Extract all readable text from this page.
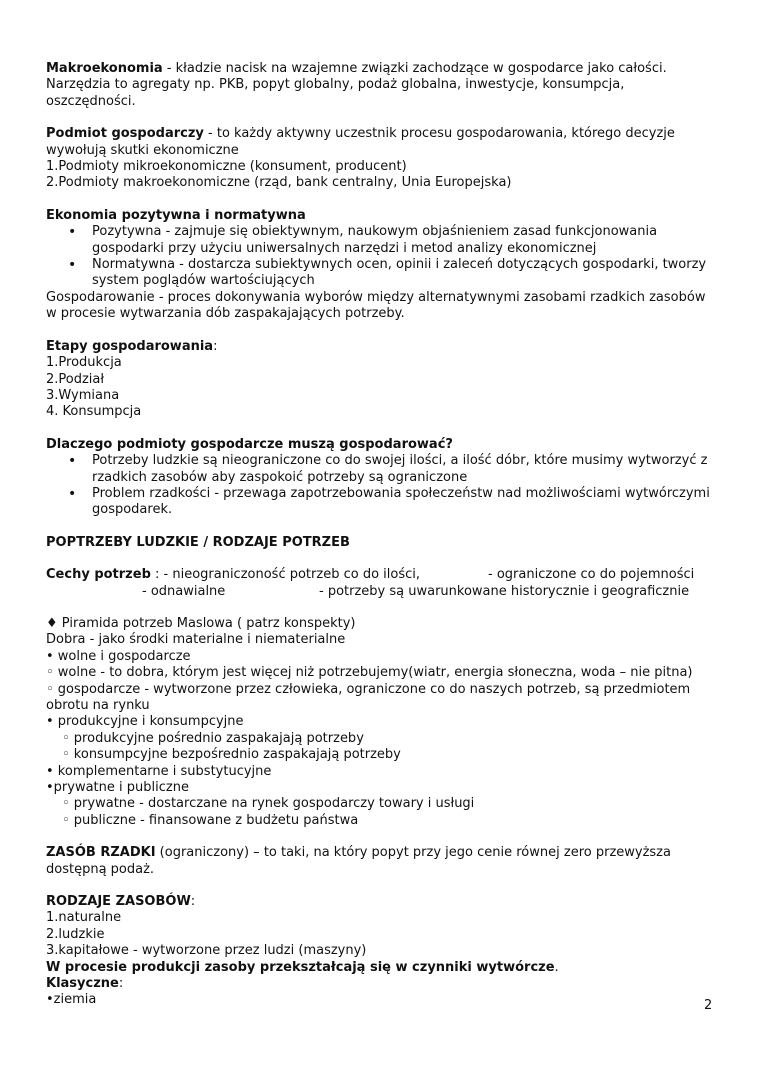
Makroekonomia - kładzie nacisk na wzajemne związki zachodzące w gospodarce jako całości. Narzędzia to agregaty np. PKB, popyt globalny, podaż globalna, inwestycje, konsumpcja, oszczędności.

Podmiot gospodarczy - to każdy aktywny uczestnik procesu gospodarowania, którego decyzje wywołują skutki ekonomiczne

1.Podmioty mikroekonomiczne (konsument, producent)

2.Podmioty makroekonomiczne (rząd, bank centralny, Unia Europejska)

Ekonomia pozytywna i normatywna

• Pozytywna - zajmuje się obiektywnym, naukowym objaśnieniem zasad funkcjonowania gospodarki przy użyciu uniwersalnych narzędzi i metod analizy ekonomicznej
• Normatywna - dostarcza subiektywnych ocen, opinii i zaleceń dotyczących gospodarki, tworzy system poglądów wartościujących

Gospodarowanie - proces dokonywania wyborów między alternatywnymi zasobami rzadkich zasobów w procesie wytwarzania dób zaspakajających potrzeby.

Etapy gospodarowania:

1.Produkcja

2.Podział

3.Wymiana

4. Konsumpcja

Dlaczego podmioty gospodarcze muszą gospodarować?

• Potrzeby ludzkie są nieograniczone co do swojej ilości, a ilość dóbr, które musimy wytworzyć z rzadkich zasobów aby zaspokoić potrzeby są ograniczone
• Problem rzadkości - przewaga zapotrzebowania społeczeństw nad możliwościami wytwórczymi gospodarek.

POPTRZEBY LUDZKIE / RODZAJE POTRZEB

Cechy potrzeb : - nieograniczoność potrzeb co do ilości,	- ograniczone co do pojemności
- odnawialne	- potrzeby są uwarunkowane historycznie i geograficznie

♦ Piramida potrzeb Maslowa ( patrz konspekty)

Dobra - jako środki materialne i niematerialne

• wolne i gospodarcze

◦ wolne - to dobra, którym jest więcej niż potrzebujemy(wiatr, energia słoneczna, woda – nie pitna)

◦ gospodarcze - wytworzone przez człowieka, ograniczone co do naszych potrzeb, są przedmiotem obrotu na rynku

• produkcyjne i konsumpcyjne

◦ produkcyjne pośrednio zaspakajają potrzeby

◦ konsumpcyjne bezpośrednio zaspakajają potrzeby

• komplementarne i substytucyjne

•prywatne i publiczne

◦ prywatne - dostarczane na rynek gospodarczy towary i usługi

◦ publiczne - finansowane z budżetu państwa

ZASÓB RZADKI (ograniczony) – to taki, na który popyt przy jego cenie równej zero przewyższa dostępną podaż.

RODZAJE ZASOBÓW:

1.naturalne

2.ludzkie

3.kapitałowe - wytworzone przez ludzi (maszyny)

W procesie produkcji zasoby przekształcają się w czynniki wytwórcze.

Klasyczne:

•ziemia	2
